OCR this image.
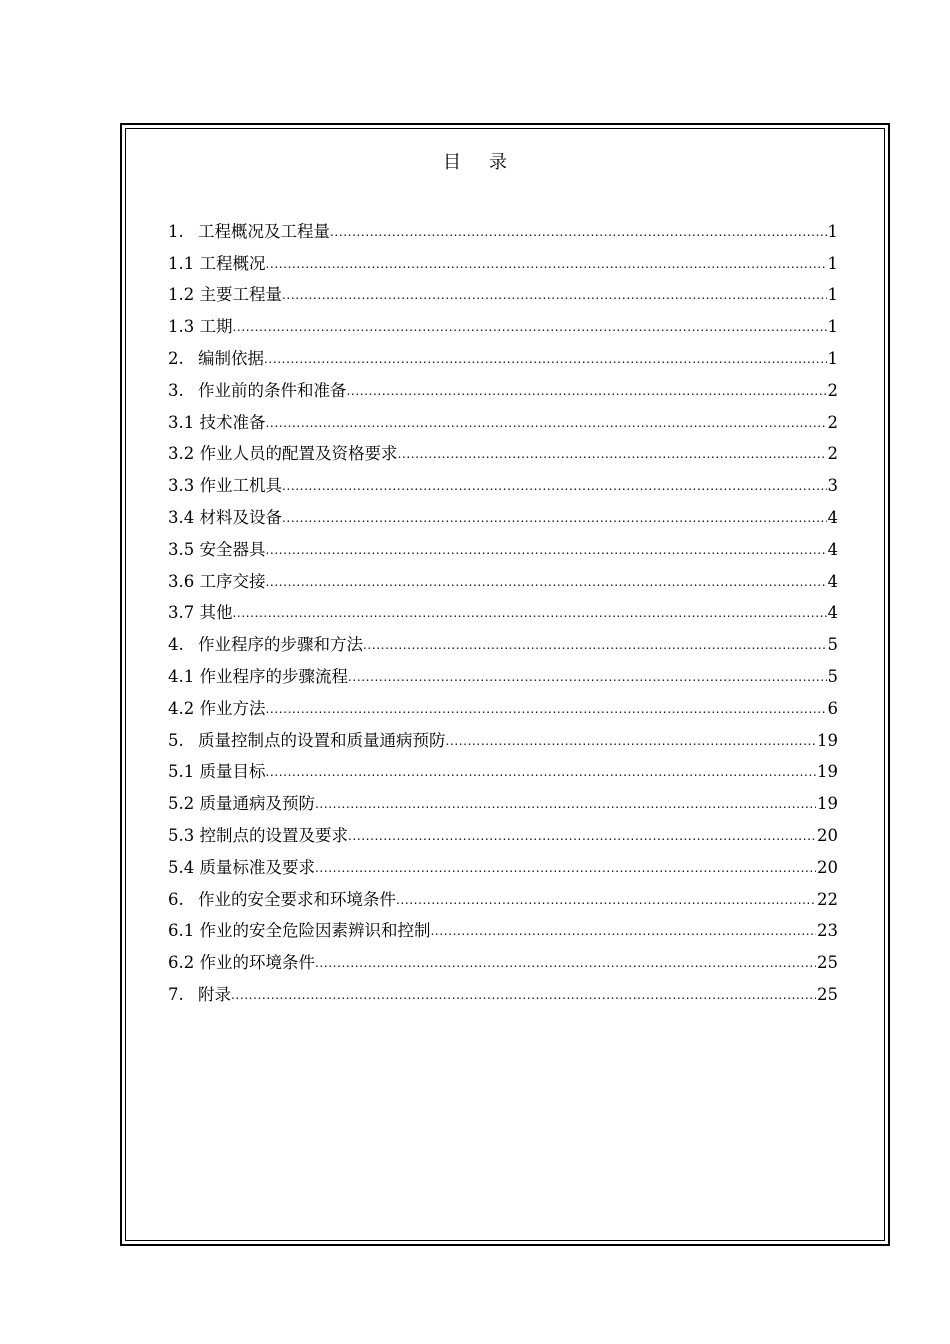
目录
1. 工程概况及工程量 .....	1
1.1 工程概况 .....	1
1.2 主要工程量 .....	1
1.3 工期 .....	1
2. 编制依据 .....	1
3. 作业前的条件和准备 .....	2
3.1 技术准备 .....	2
3.2 作业人员的配置及资格要求 .....	2
3.3 作业工机具 .....	3
3.4 材料及设备 .....	4
3.5 安全器具 .....	4
3.6 工序交接 .....	4
3.7 其他 .....	4
4. 作业程序的步骤和方法 .....	5
4.1 作业程序的步骤流程 .....	5
4.2 作业方法 .....	6
5. 质量控制点的设置和质量通病预防 .....	19
5.1 质量目标 .....	19
5.2 质量通病及预防 .....	19
5.3 控制点的设置及要求 .....	20
5.4 质量标准及要求 .....	20
6. 作业的安全要求和环境条件 .....	22
6.1 作业的安全危险因素辨识和控制 .....	23
6.2 作业的环境条件 .....	25
7. 附录 .....	25
